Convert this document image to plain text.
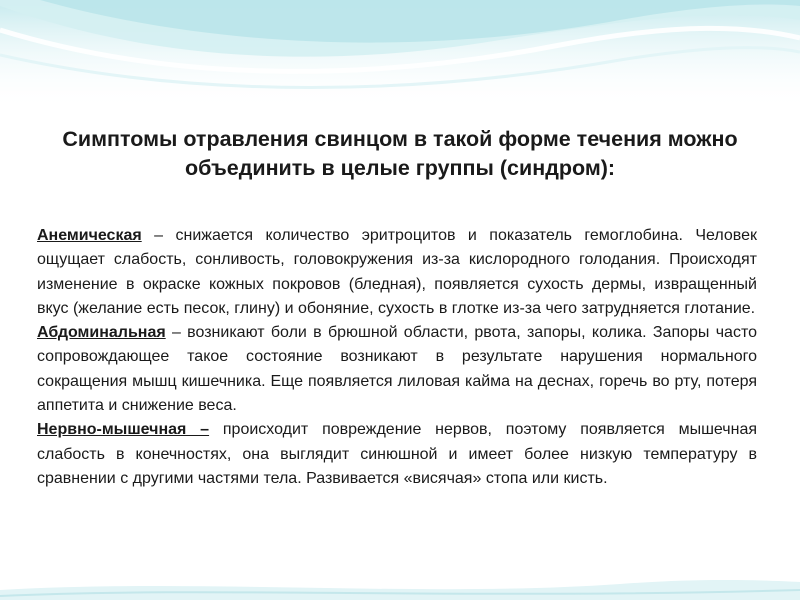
Симптомы отравления свинцом в такой форме течения можно объединить в целые группы (синдром):

Анемическая – снижается количество эритроцитов и показатель гемоглобина. Человек ощущает слабость, сонливость, головокружения из-за кислородного голодания. Происходят изменение в окраске кожных покровов (бледная), появляется сухость дермы, извращенный вкус (желание есть песок, глину) и обоняние, сухость в глотке из-за чего затрудняется глотание.

Абдоминальная – возникают боли в брюшной области, рвота, запоры, колика. Запоры часто сопровождающее такое состояние возникают в результате нарушения нормального сокращения мышц кишечника. Еще появляется лиловая кайма на деснах, горечь во рту, потеря аппетита и снижение веса.

Нервно-мышечная – происходит повреждение нервов, поэтому появляется мышечная слабость в конечностях, она выглядит синюшной и имеет более низкую температуру в сравнении с другими частями тела. Развивается «висячая» стопа или кисть.
